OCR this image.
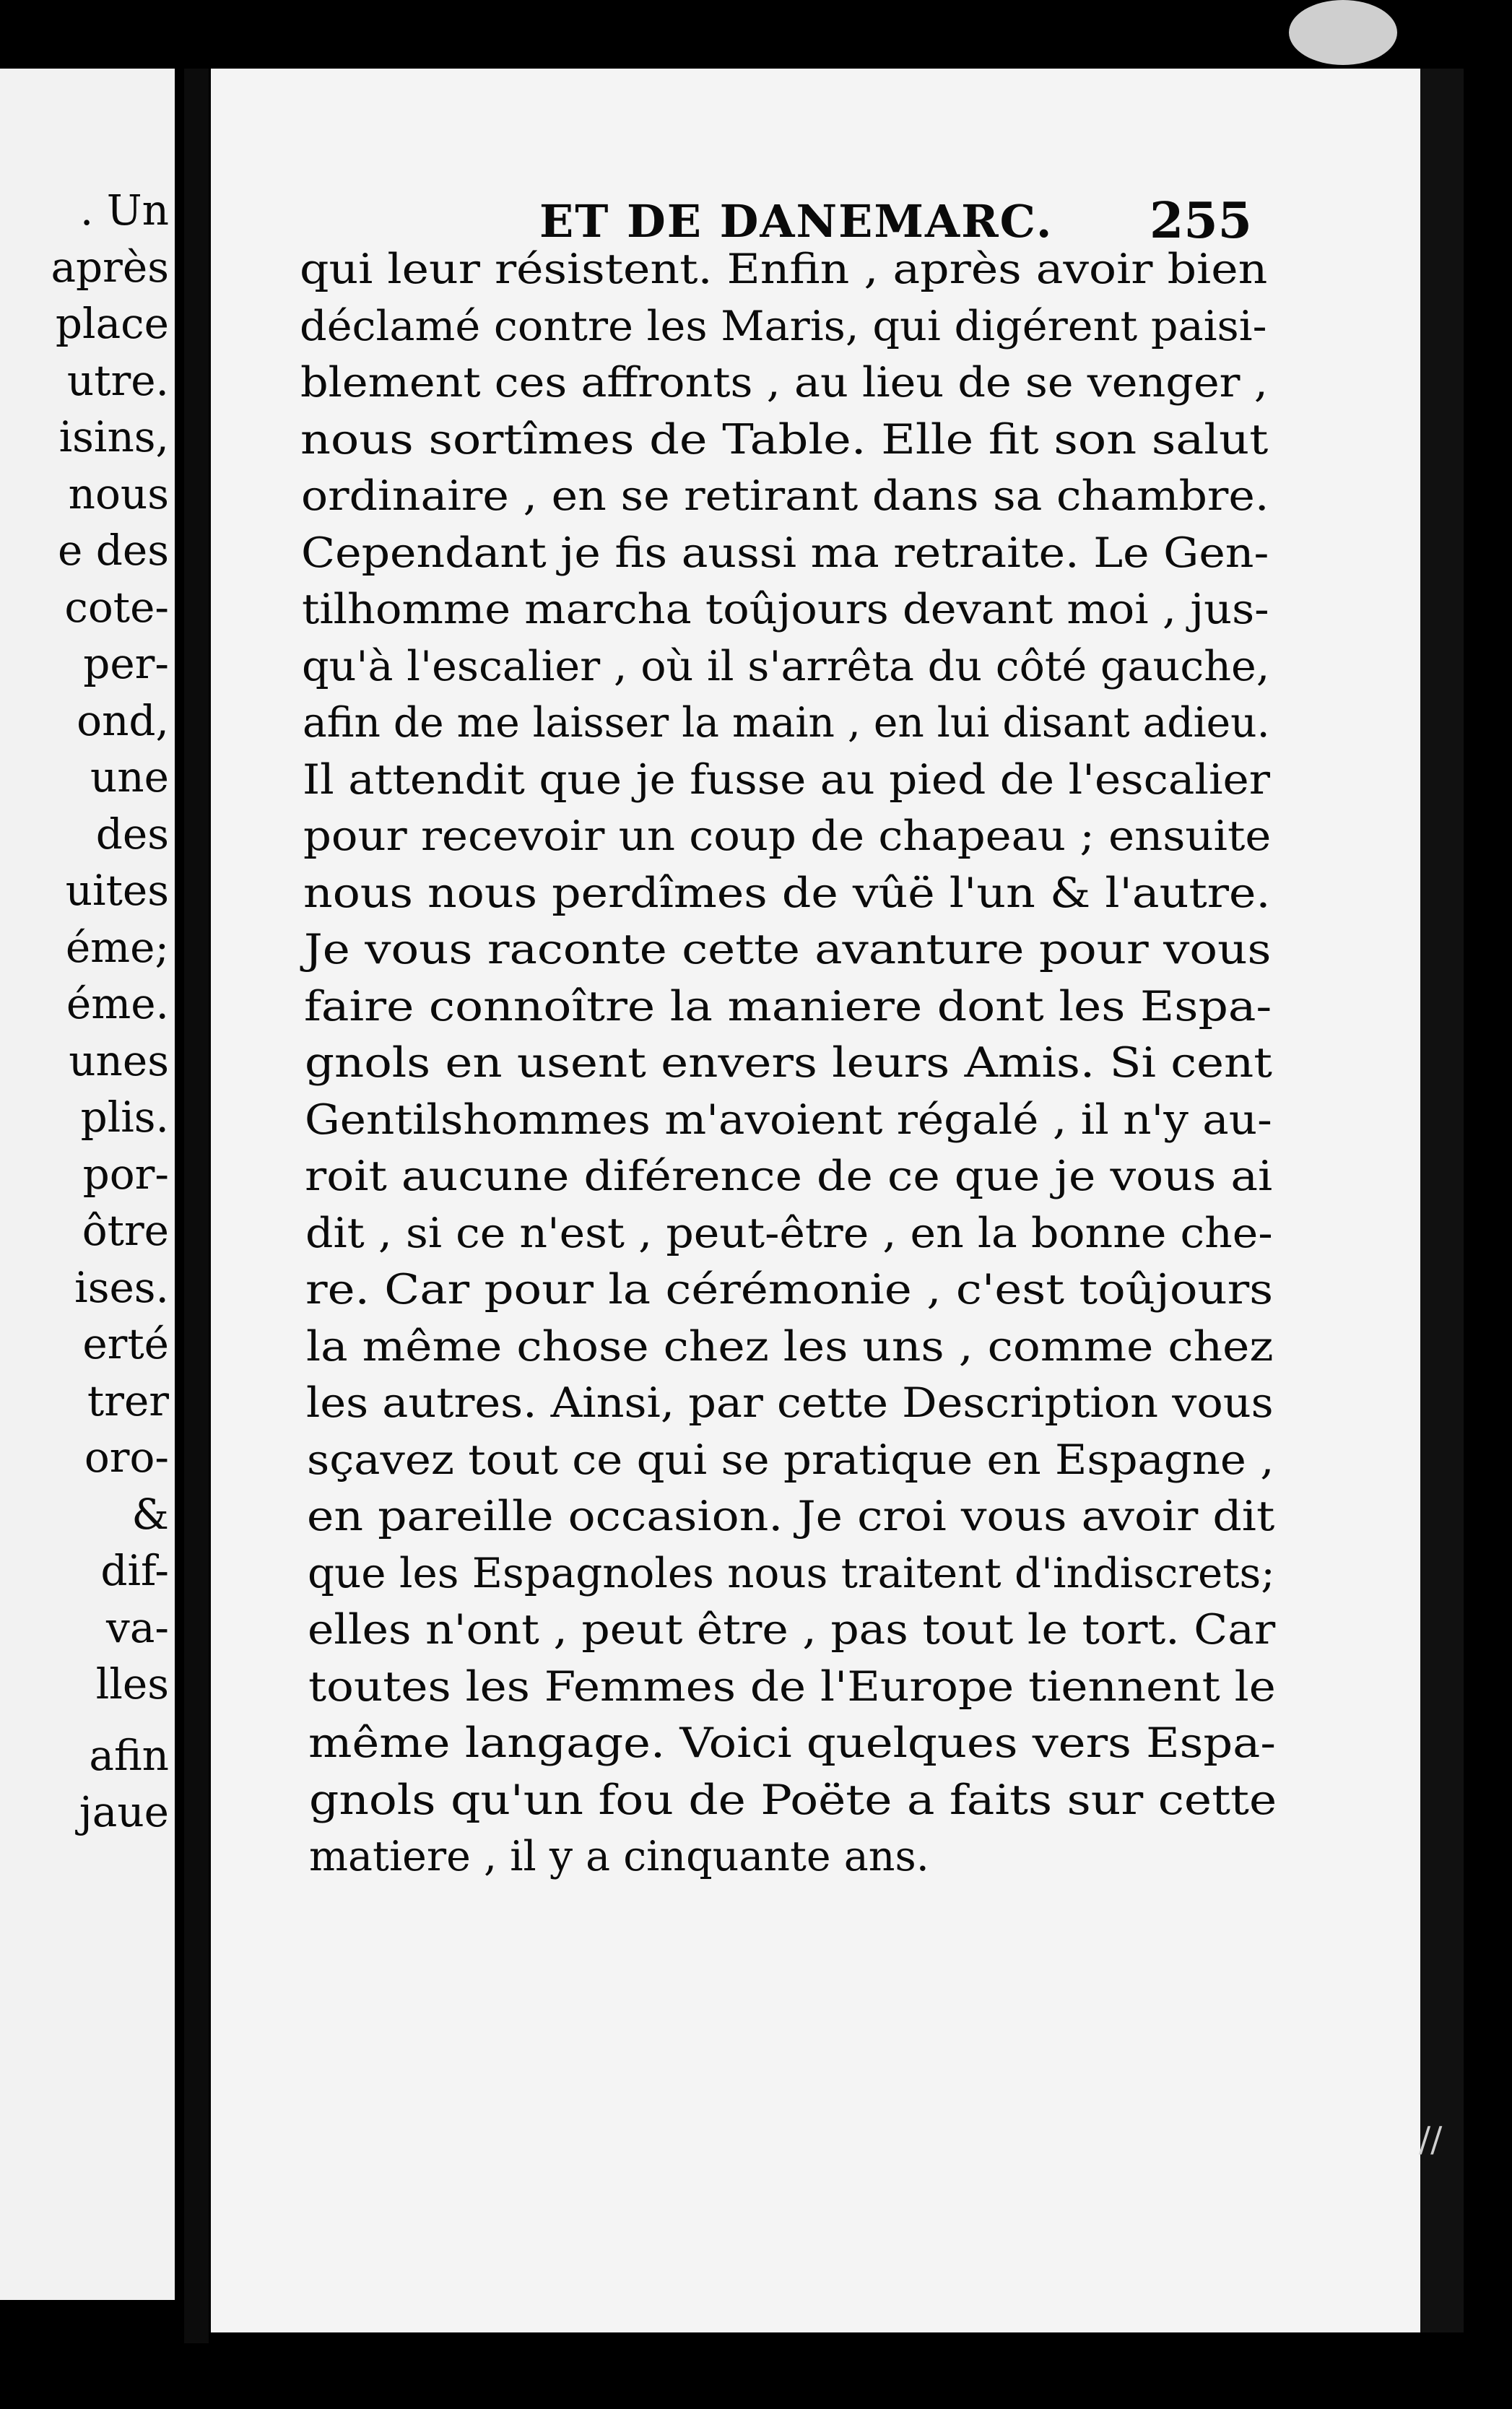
. Un
après
place
utre.
isins,
nous
e des
cote-
per-
ond,
une
des
uites
éme;
éme.
unes
plis.
por-
ôtre
ises.
erté
trer
oro-
&
dif-
va-
lles
afin
jaue
ET DE DANEMARC. 255
qui leur résistent. Enfin , après avoir bien
déclamé contre les Maris, qui digérent paisi-
blement ces affronts , au lieu de se venger ,
nous sortîmes de Table. Elle fit son salut
ordinaire , en se retirant dans sa chambre.
Cependant je fis aussi ma retraite. Le Gen-
tilhomme marcha toûjours devant moi , jus-
qu'à l'escalier , où il s'arrêta du côté gauche,
afin de me laisser la main , en lui disant adieu.
Il attendit que je fusse au pied de l'escalier
pour recevoir un coup de chapeau ; ensuite
nous nous perdîmes de vûë l'un & l'autre.
Je vous raconte cette avanture pour vous
faire connoître la maniere dont les Espa-
gnols en usent envers leurs Amis. Si cent
Gentilshommes m'avoient régalé , il n'y au-
roit aucune diférence de ce que je vous ai
dit , si ce n'est , peut-être , en la bonne che-
re. Car pour la cérémonie , c'est toûjours
la même chose chez les uns , comme chez
les autres. Ainsi, par cette Description vous
sçavez tout ce qui se pratique en Espagne ,
en pareille occasion. Je croi vous avoir dit
que les Espagnoles nous traitent d'indiscrets;
elles n'ont , peut être , pas tout le tort. Car
toutes les Femmes de l'Europe tiennent le
même langage. Voici quelques vers Espa-
gnols qu'un fou de Poëte a faits sur cette
matiere , il y a cinquante ans.
//
